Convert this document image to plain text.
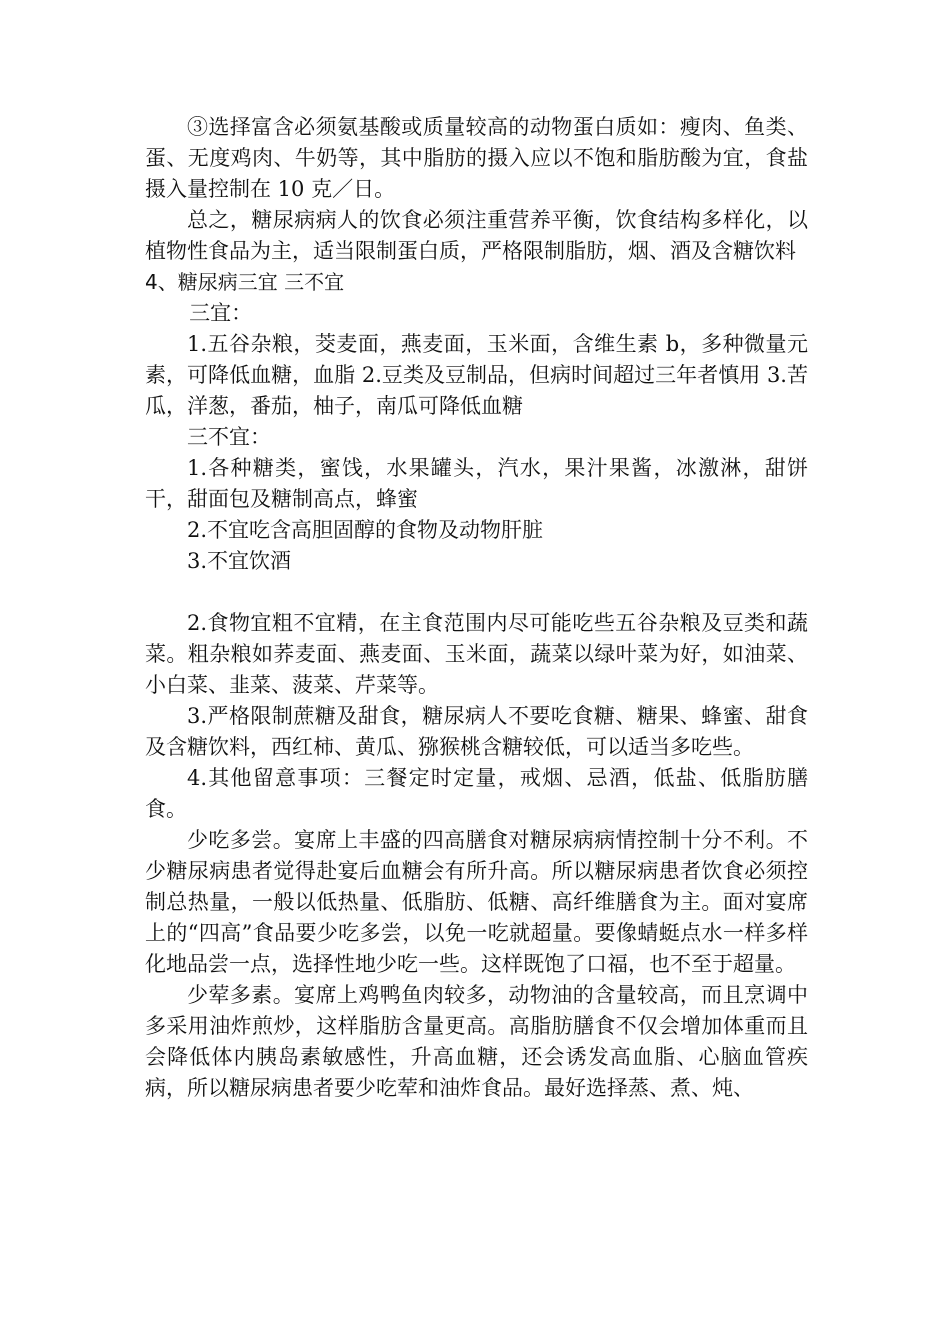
③选择富含必须氨基酸或质量较高的动物蛋白质如：瘦肉、鱼类、蛋、无度鸡肉、牛奶等，其中脂肪的摄入应以不饱和脂肪酸为宜，食盐摄入量控制在 10 克／日。

总之，糖尿病病人的饮食必须注重营养平衡，饮食结构多样化，以植物性食品为主，适当限制蛋白质，严格限制脂肪，烟、酒及含糖饮料

4、糖尿病三宜 三不宜

三宜：

1.五谷杂粮，茭麦面，燕麦面，玉米面，含维生素 b，多种微量元素，可降低血糖，血脂 2.豆类及豆制品，但病时间超过三年者慎用 3.苦瓜，洋葱，番茄，柚子，南瓜可降低血糖

三不宜：

1.各种糖类，蜜饯，水果罐头，汽水，果汁果酱，冰激淋，甜饼干，甜面包及糖制高点，蜂蜜

2.不宜吃含高胆固醇的食物及动物肝脏

3.不宜饮酒

2.食物宜粗不宜精，在主食范围内尽可能吃些五谷杂粮及豆类和蔬菜。粗杂粮如荞麦面、燕麦面、玉米面，蔬菜以绿叶菜为好，如油菜、小白菜、韭菜、菠菜、芹菜等。

3.严格限制蔗糖及甜食，糖尿病人不要吃食糖、糖果、蜂蜜、甜食及含糖饮料，西红柿、黄瓜、猕猴桃含糖较低，可以适当多吃些。

4.其他留意事项：三餐定时定量，戒烟、忌酒，低盐、低脂肪膳食。

少吃多尝。宴席上丰盛的四高膳食对糖尿病病情控制十分不利。不少糖尿病患者觉得赴宴后血糖会有所升高。所以糖尿病患者饮食必须控制总热量，一般以低热量、低脂肪、低糖、高纤维膳食为主。面对宴席上的“四高”食品要少吃多尝，以免一吃就超量。要像蜻蜓点水一样多样化地品尝一点，选择性地少吃一些。这样既饱了口福，也不至于超量。

少荤多素。宴席上鸡鸭鱼肉较多，动物油的含量较高，而且烹调中多采用油炸煎炒，这样脂肪含量更高。高脂肪膳食不仅会增加体重而且会降低体内胰岛素敏感性，升高血糖，还会诱发高血脂、心脑血管疾病，所以糖尿病患者要少吃荤和油炸食品。最好选择蒸、煮、炖、
